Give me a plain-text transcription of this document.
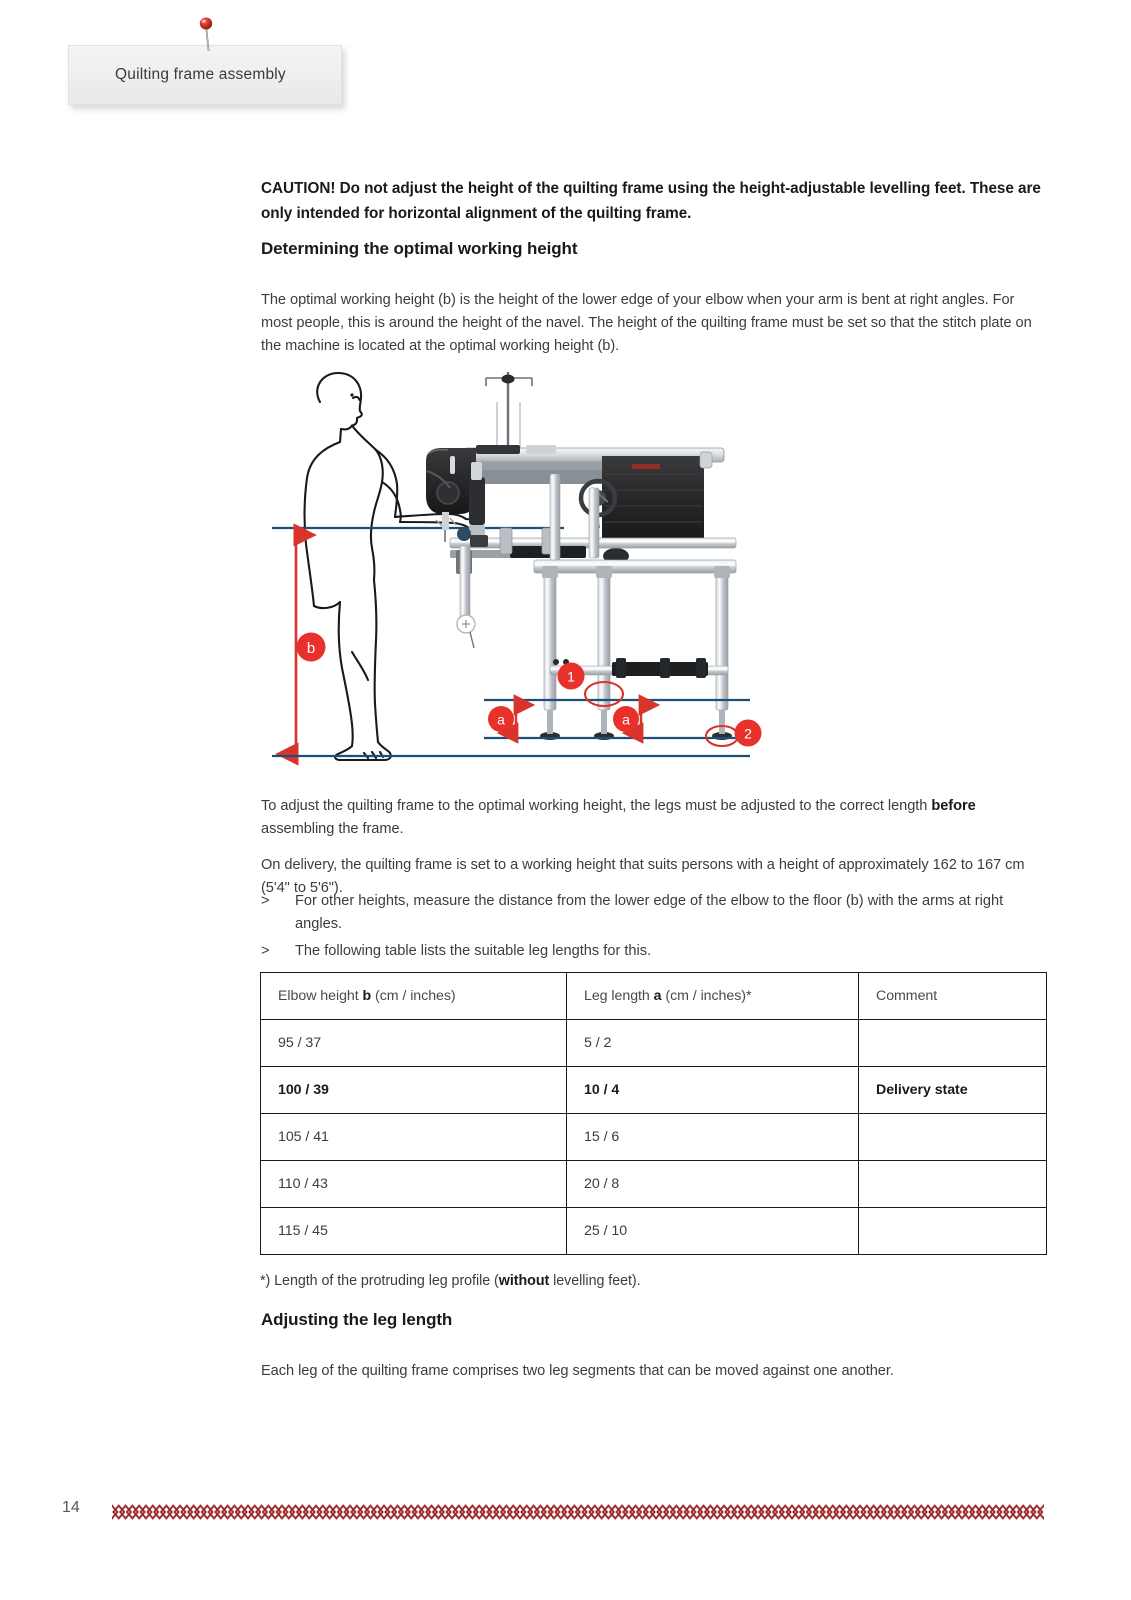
Quilting frame assembly

CAUTION! Do not adjust the height of the quilting frame using the height-adjustable levelling feet. These are only intended for horizontal alignment of the quilting frame.

Determining the optimal working height

The optimal working height (b) is the height of the lower edge of your elbow when your arm is bent at right angles. For most people, this is around the height of the navel. The height of the quilting frame must be set so that the stitch plate on the machine is located at the optimal working height (b).

To adjust the quilting frame to the optimal working height, the legs must be adjusted to the correct length before assembling the frame.

On delivery, the quilting frame is set to a working height that suits persons with a height of approximately 162 to 167 cm (5'4" to 5'6").

>	For other heights, measure the distance from the lower edge of the elbow to the floor (b) with the arms at right angles.
>	The following table lists the suitable leg lengths for this.
Adjusting the leg length

Each leg of the quilting frame comprises two leg segments that can be moved against one another.

b
a	a
1
2
Elbow height b (cm / inches)	Leg length a (cm / inches)*	Comment
95 / 37	5 / 2	
100 / 39	10 / 4	Delivery state
105 / 41	15 / 6	
110 / 43	20 / 8	
115 / 45	25 / 10	

*) Length of the protruding leg profile (without levelling feet).

14
